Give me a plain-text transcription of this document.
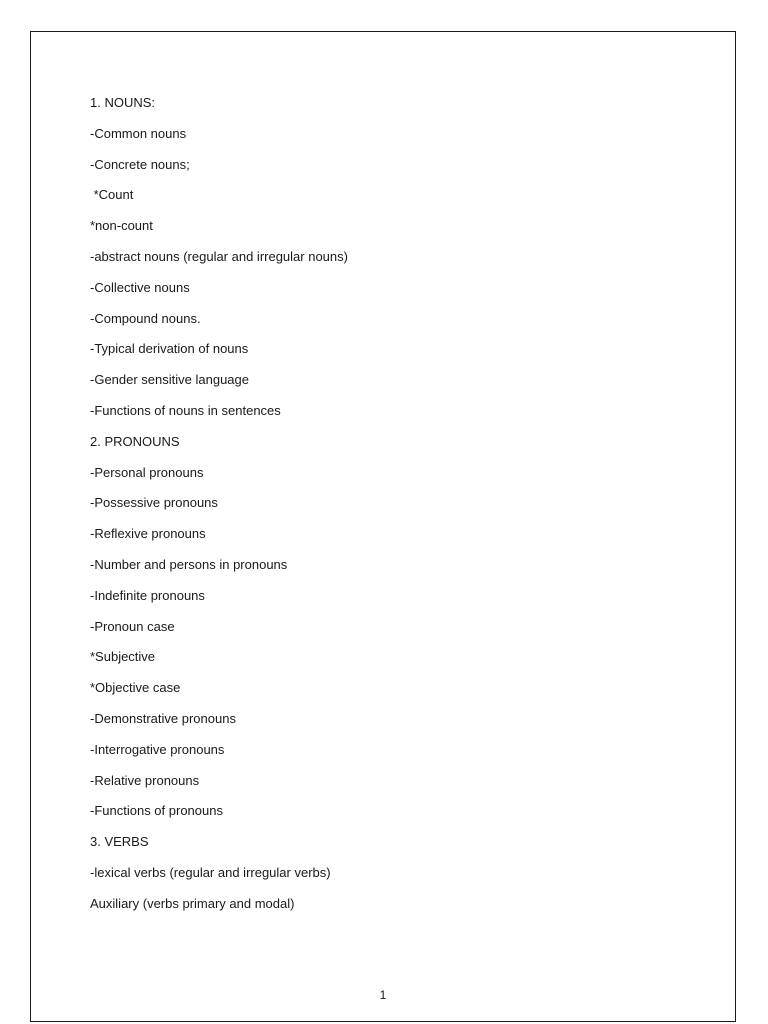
1. NOUNS:
-Common nouns
-Concrete nouns;
*Count
*non-count
-abstract nouns (regular and irregular nouns)
-Collective nouns
-Compound nouns.
-Typical derivation of nouns
-Gender sensitive language
-Functions of nouns in sentences
2. PRONOUNS
-Personal pronouns
-Possessive pronouns
-Reflexive pronouns
-Number and persons in pronouns
-Indefinite pronouns
-Pronoun case
*Subjective
*Objective case
-Demonstrative pronouns
-Interrogative pronouns
-Relative pronouns
-Functions of pronouns
3. VERBS
-lexical verbs (regular and irregular verbs)
Auxiliary (verbs primary and modal)
1
